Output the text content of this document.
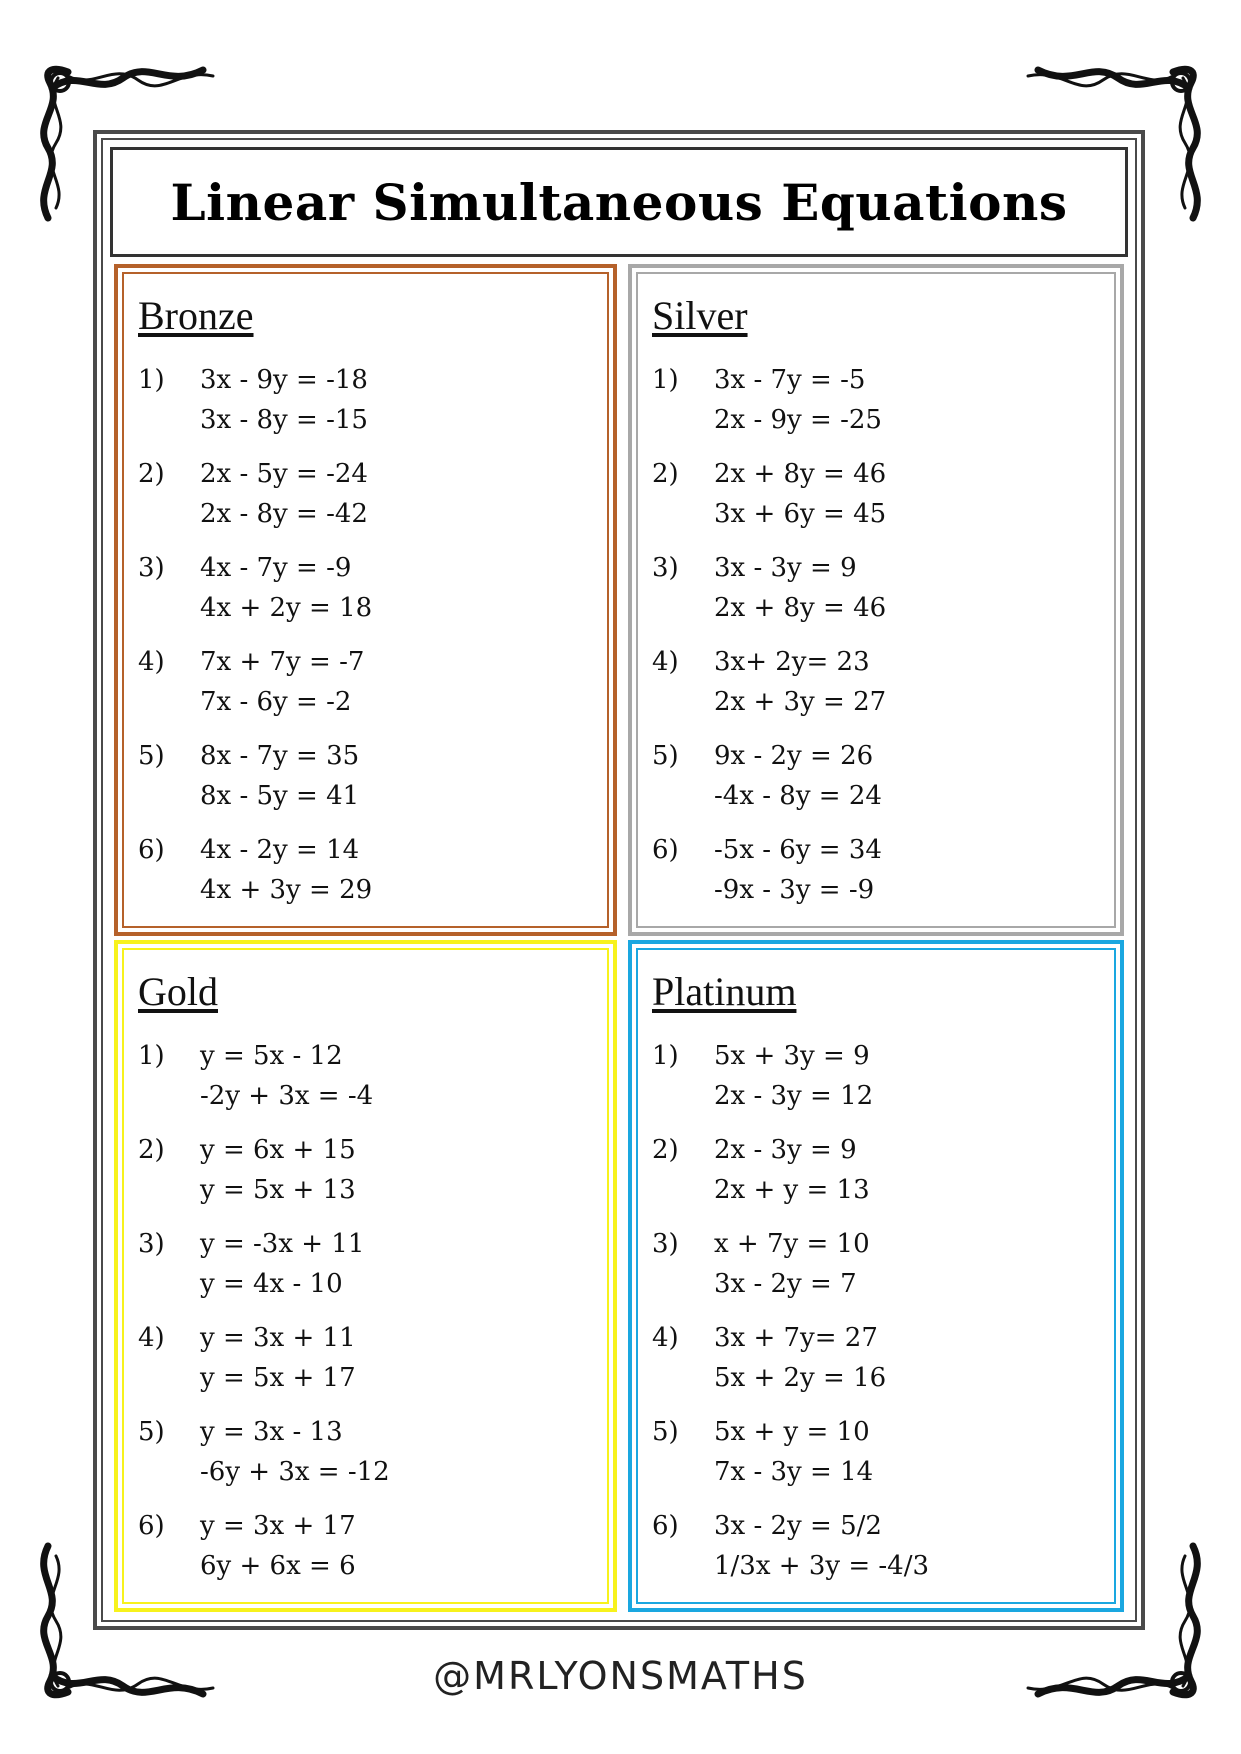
Linear Simultaneous Equations
Bronze
1)	3x - 9y = -18
3x - 8y = -15
2)	2x - 5y = -24
2x - 8y = -42
3)	4x - 7y = -9
4x + 2y = 18
4)	7x + 7y = -7
7x - 6y = -2
5)	8x - 7y = 35
8x - 5y = 41
6)	4x - 2y = 14
4x + 3y = 29
Silver
1)	3x - 7y = -5
2x - 9y = -25
2)	2x + 8y = 46
3x + 6y = 45
3)	3x - 3y = 9
2x + 8y = 46
4)	3x+ 2y= 23
2x + 3y = 27
5)	9x - 2y = 26
-4x - 8y = 24
6)	-5x - 6y = 34
-9x - 3y = -9
Gold
1)	y = 5x - 12
-2y + 3x = -4
2)	y = 6x + 15
y = 5x + 13
3)	y = -3x + 11
y = 4x - 10
4)	y = 3x + 11
y = 5x + 17
5)	y = 3x - 13
-6y + 3x = -12
6)	y = 3x + 17
6y + 6x = 6
Platinum
1)	5x + 3y = 9
2x - 3y = 12
2)	2x - 3y = 9
2x + y = 13
3)	x + 7y = 10
3x - 2y = 7
4)	3x + 7y= 27
5x + 2y = 16
5)	5x + y = 10
7x - 3y = 14
6)	3x - 2y = 5/2
1/3x + 3y = -4/3
@MRLYONSMATHS
